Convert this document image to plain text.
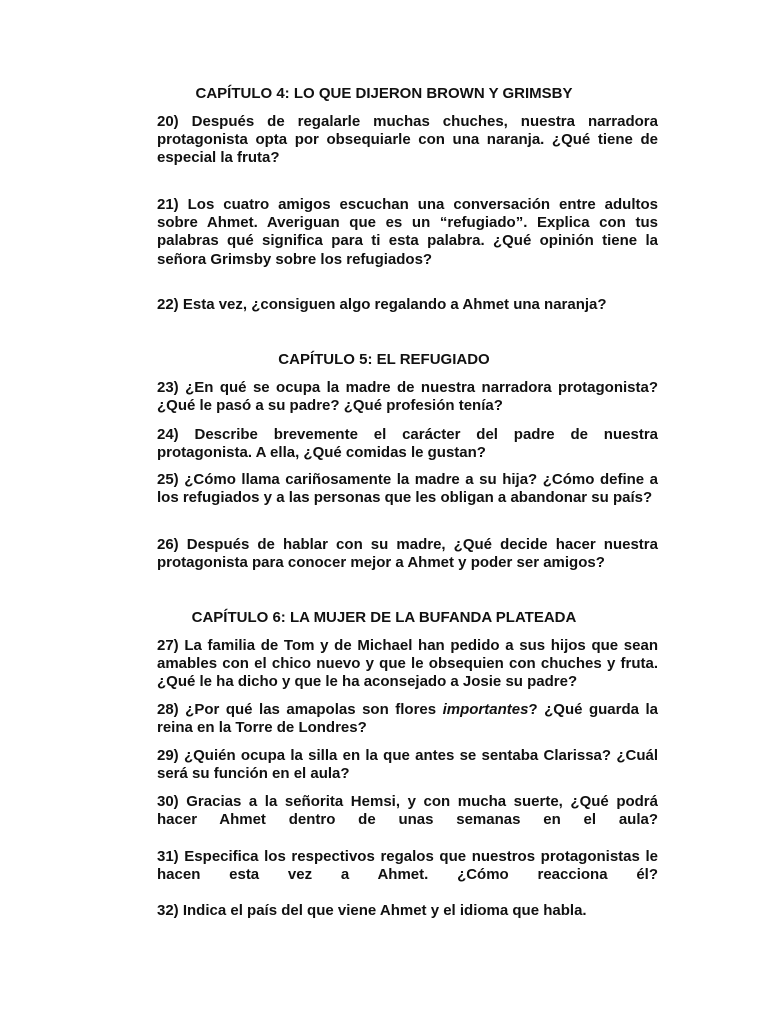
CAPÍTULO 4: LO QUE DIJERON BROWN Y GRIMSBY

20) Después de regalarle muchas chuches, nuestra narradora protagonista opta por obsequiarle con una naranja. ¿Qué tiene de especial la fruta?

21) Los cuatro amigos escuchan una conversación entre adultos sobre Ahmet. Averiguan que es un “refugiado”. Explica con tus palabras qué significa para ti esta palabra. ¿Qué opinión tiene la señora Grimsby sobre los refugiados?

22) Esta vez, ¿consiguen algo regalando a Ahmet una naranja?

CAPÍTULO 5: EL REFUGIADO

23) ¿En qué se ocupa la madre de nuestra narradora protagonista? ¿Qué le pasó a su padre? ¿Qué profesión tenía?

24) Describe brevemente el carácter del padre de nuestra protagonista. A ella, ¿Qué comidas le gustan?

25) ¿Cómo llama cariñosamente la madre a su hija? ¿Cómo define a los refugiados y a las personas que les obligan a abandonar su país?

26) Después de hablar con su madre, ¿Qué decide hacer nuestra protagonista para conocer mejor a Ahmet y poder ser amigos?

CAPÍTULO 6: LA MUJER DE LA BUFANDA PLATEADA

27) La familia de Tom y de Michael han pedido a sus hijos que sean amables con el chico nuevo y que le obsequien con chuches y fruta. ¿Qué le ha dicho y que le ha aconsejado a Josie su padre?

28) ¿Por qué las amapolas son flores importantes? ¿Qué guarda la reina en la Torre de Londres?

29) ¿Quién ocupa la silla en la que antes se sentaba Clarissa? ¿Cuál será su función en el aula?

30) Gracias a la señorita Hemsi, y con mucha suerte, ¿Qué podrá hacer Ahmet dentro de unas semanas en el aula?

31) Especifica los respectivos regalos que nuestros protagonistas le hacen esta vez a Ahmet. ¿Cómo reacciona él?

32) Indica el país del que viene Ahmet y el idioma que habla.
